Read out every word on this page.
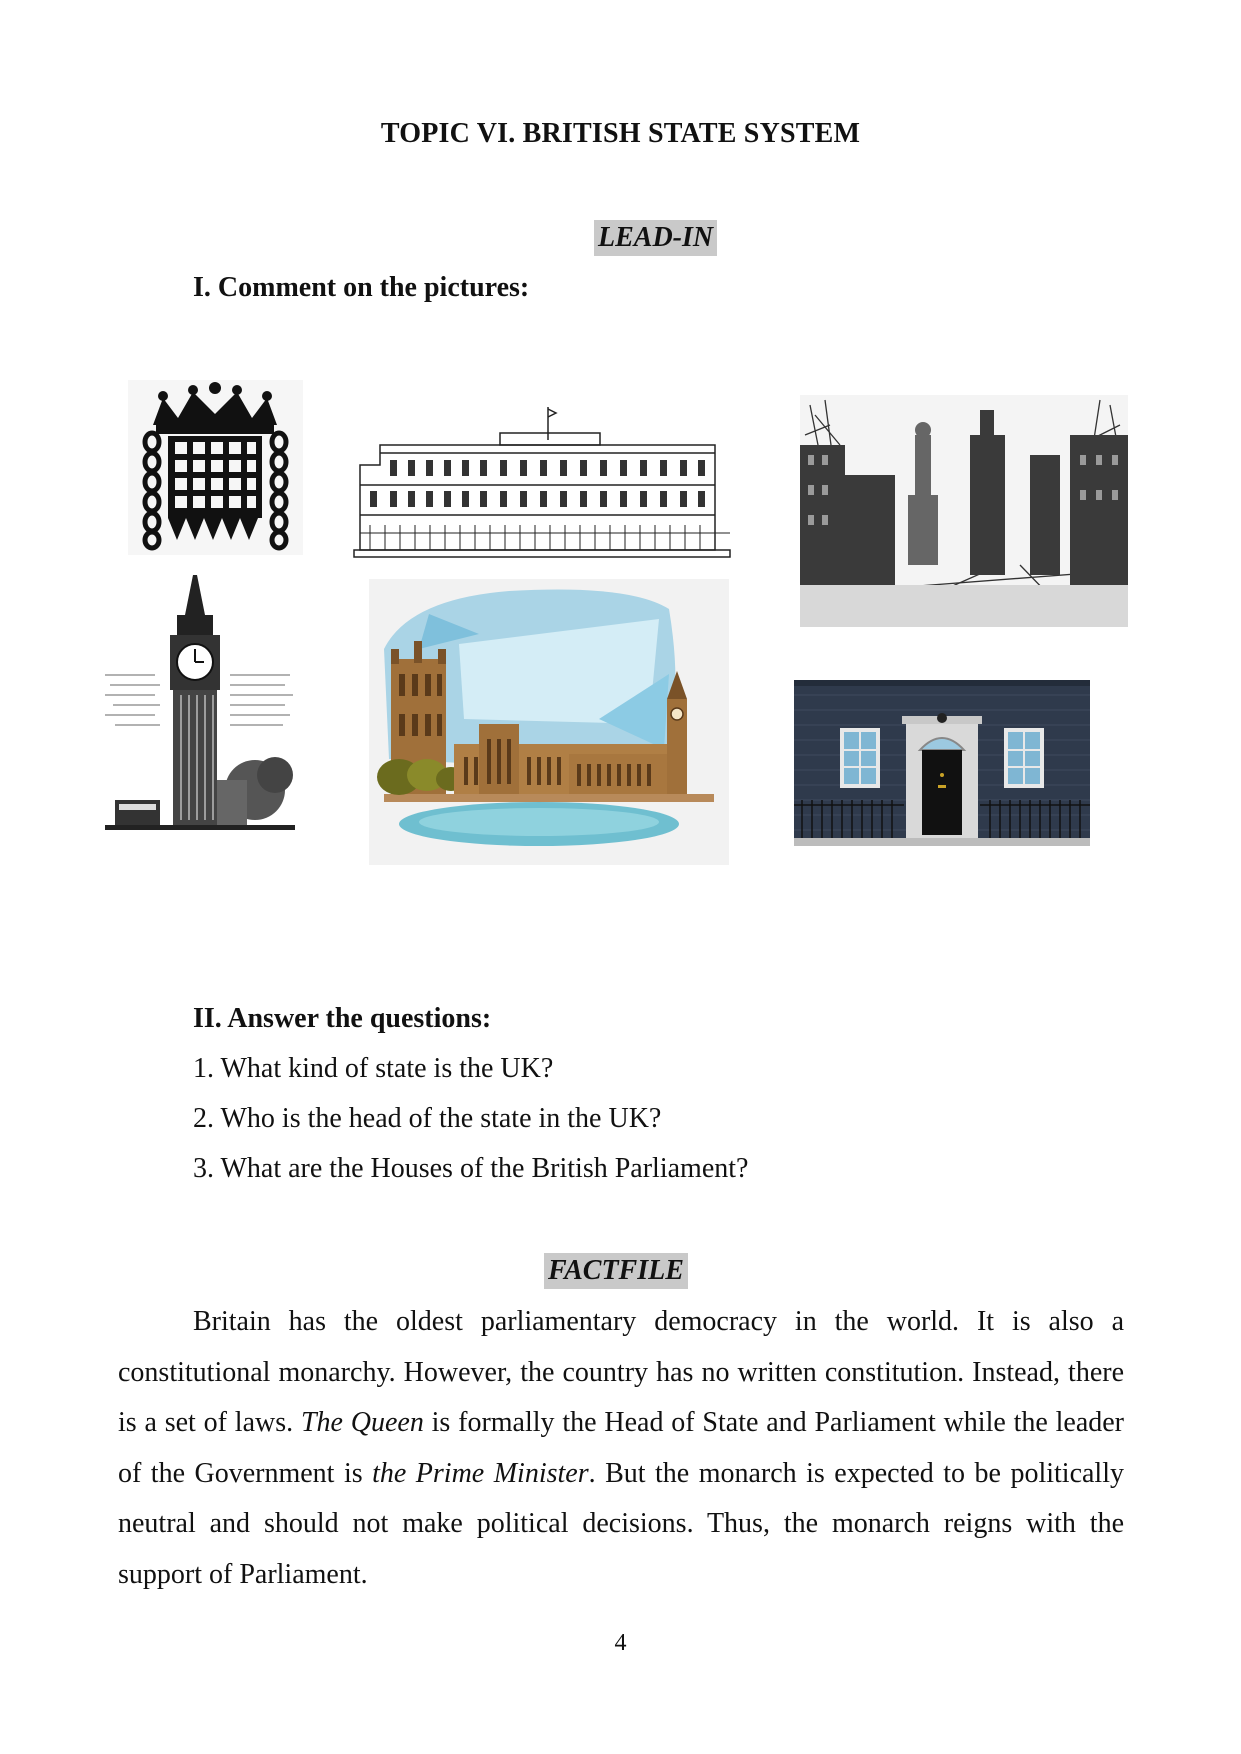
TOPIC VI. BRITISH STATE SYSTEM
LEAD-IN
I. Comment on the pictures:
II. Answer the questions:
1. What kind of state is the UK?
2. Who is the head of the state in the UK?
3. What are the Houses of the British Parliament?
FACTFILE

Britain has the oldest parliamentary democracy in the world. It is also a constitutional monarchy. However, the country has no written constitution. Instead, there is a set of laws. The Queen is formally the Head of State and Parliament while the leader of the Government is the Prime Minister. But the monarch is expected to be politically neutral and should not make political decisions. Thus, the monarch reigns with the support of Parliament.

4
